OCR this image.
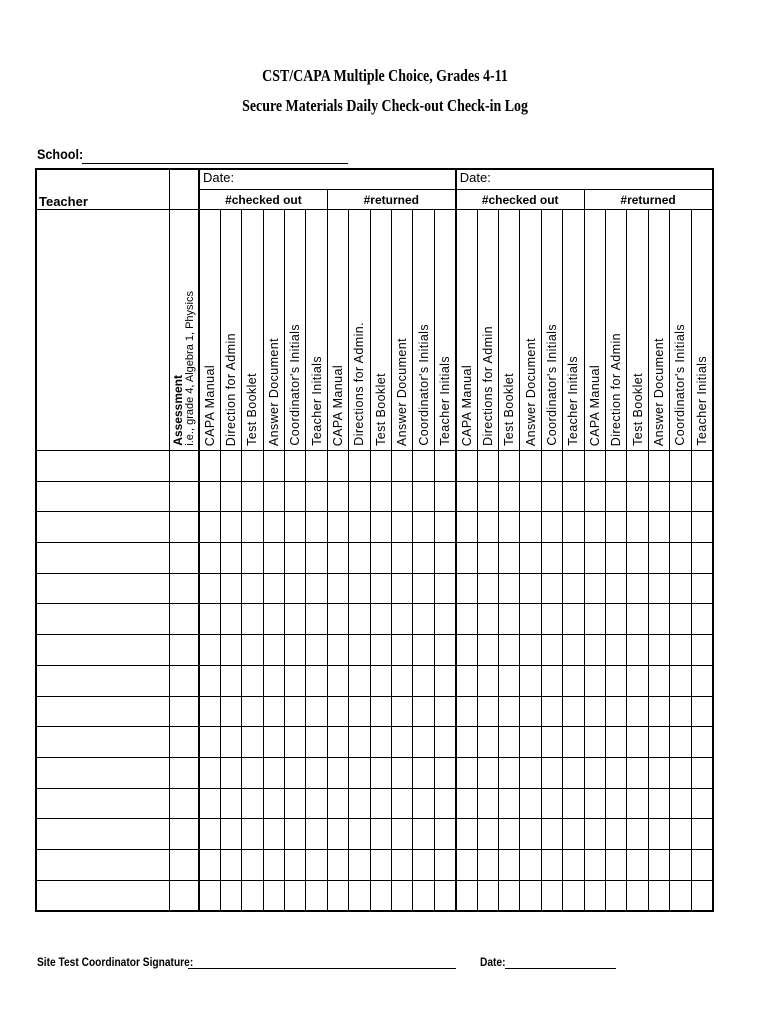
CST/CAPA Multiple Choice, Grades 4-11
Secure Materials Daily Check-out Check-in Log
School:
Teacher		Date:												Date:											
		#checked out						#returned						#checked out						#returned					

	Assessment
i.e., grade 4, Algebra 1, Physics	CAPA Manual	Direction for Admin	Test Booklet	Answer Document	Coordinator's Initials	Teacher Initials	CAPA Manual	Directions for Admin.	Test Booklet	Answer Document	Coordinator's Initials	Teacher Initials	CAPA Manual	Directions for Admin	Test Booklet	Answer Document	Coordinator's Initials	Teacher Initials	CAPA Manual	Direction for Admin	Test Booklet	Answer Document	Coordinator's Initials	Teacher Initials

Site Test Coordinator Signature:	Date:
